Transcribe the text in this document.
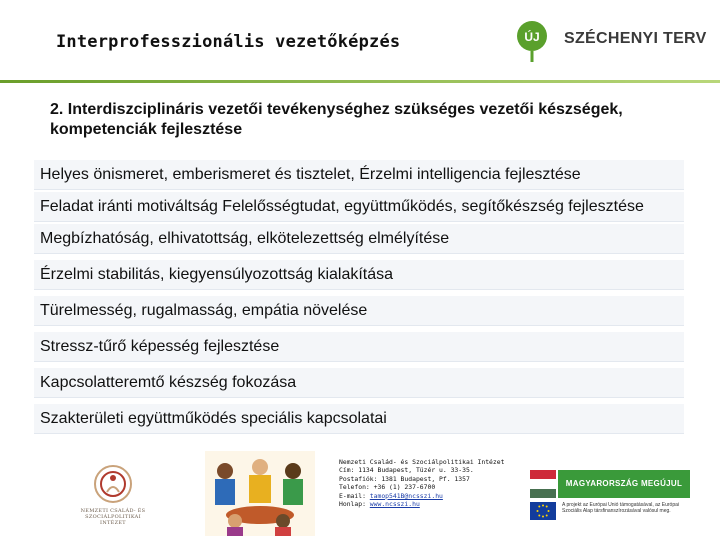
Interprofesszionális vezetőképzés	ÚJ SZÉCHENYI TERV
2. Interdiszciplináris vezetői tevékenységhez szükséges vezetői készségek, kompetenciák fejlesztése
Helyes önismeret, emberismeret és tisztelet, Érzelmi intelligencia fejlesztése
Feladat iránti motiváltság Felelősségtudat, együttműködés, segítőkészség fejlesztése
Megbízhatóság, elhivatottság, elkötelezettség elmélyítése
Érzelmi stabilitás, kiegyensúlyozottság kialakítása
Türelmesség, rugalmasság, empátia növelése
Stressz-tűrő képesség fejlesztése
Kapcsolatteremtő készség fokozása
Szakterületi együttműködés speciális kapcsolatai
NEMZETI CSALÁD- ÉS SZOCIÁLPOLITIKAI INTÉZET
Nemzeti Család- és Szociálpolitikai Intézet
Cím: 1134 Budapest, Tüzér u. 33-35.
Postafiók: 1381 Budapest, Pf. 1357
Telefon: +36 (1) 237-6700
E-mail: tamop541B@ncsszi.hu
Honlap: www.ncsszi.hu
MAGYARORSZÁG MEGÚJUL
A projekt az Európai Unió támogatásával, az Európai Szociális Alap társfinanszírozásával valósul meg.
